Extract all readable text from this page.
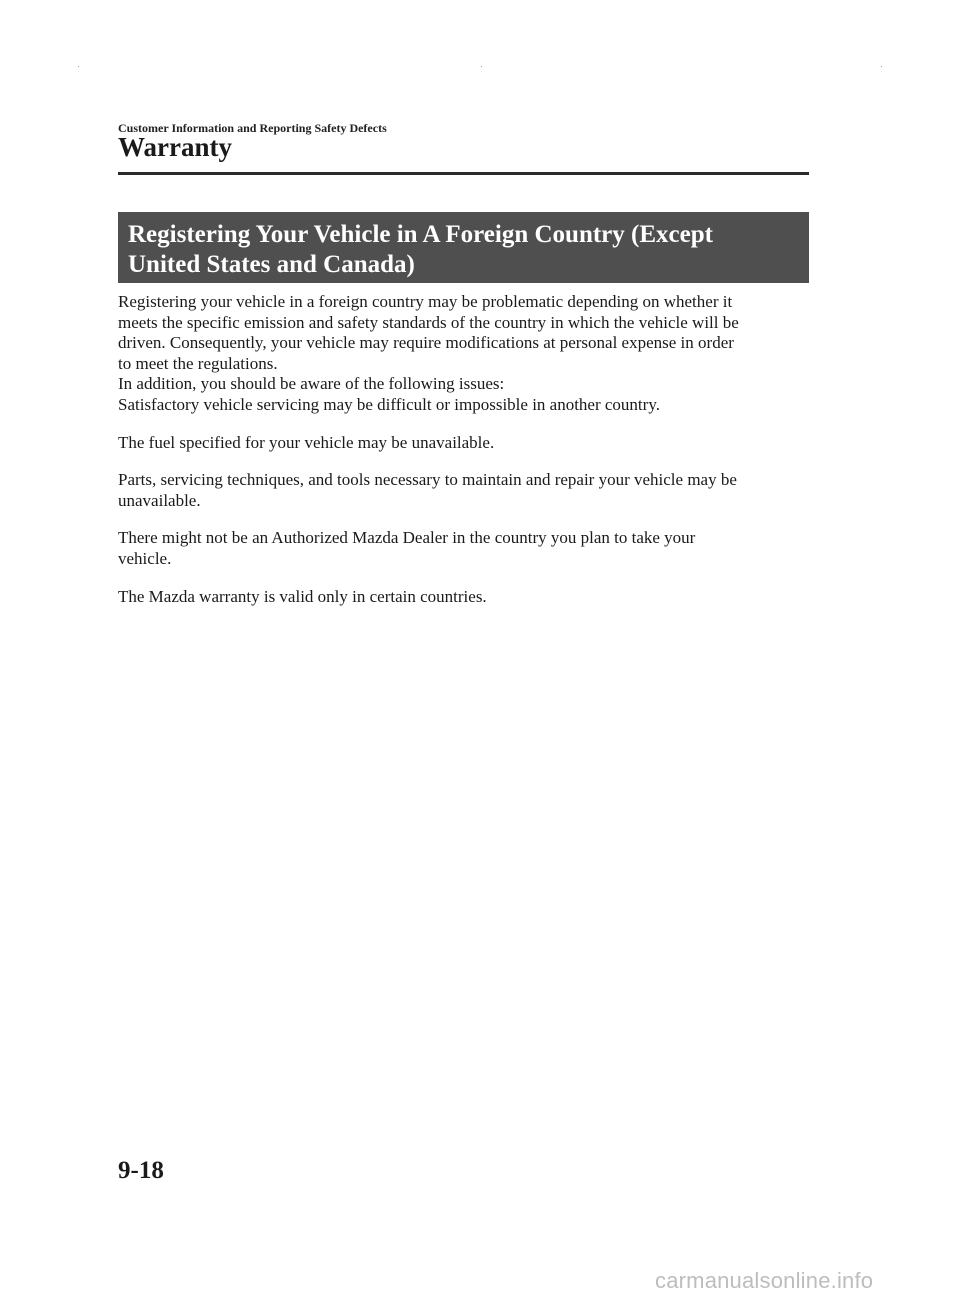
Customer Information and Reporting Safety Defects
Warranty
Registering Your Vehicle in A Foreign Country (Except
United States and Canada)

Registering your vehicle in a foreign country may be problematic depending on whether it
meets the specific emission and safety standards of the country in which the vehicle will be
driven. Consequently, your vehicle may require modifications at personal expense in order
to meet the regulations.
In addition, you should be aware of the following issues:
Satisfactory vehicle servicing may be difficult or impossible in another country.

The fuel specified for your vehicle may be unavailable.

Parts, servicing techniques, and tools necessary to maintain and repair your vehicle may be
unavailable.

There might not be an Authorized Mazda Dealer in the country you plan to take your
vehicle.

The Mazda warranty is valid only in certain countries.

9-18
carmanualsonline.info
